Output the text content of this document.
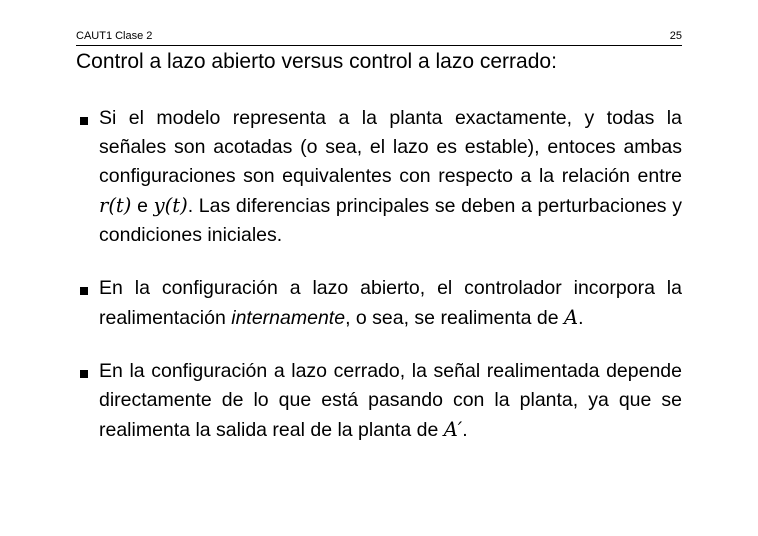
CAUT1 Clase 2	25
Control a lazo abierto versus control a lazo cerrado:
Si el modelo representa a la planta exactamente, y todas la señales son acotadas (o sea, el lazo es estable), entoces ambas configuraciones son equivalentes con respecto a la relación entre r(t) e y(t). Las diferencias principales se deben a perturbaciones y condiciones iniciales.
En la configuración a lazo abierto, el controlador incorpora la realimentación internamente, o sea, se realimenta de A.
En la configuración a lazo cerrado, la señal realimentada depende directamente de lo que está pasando con la planta, ya que se realimenta la salida real de la planta de A′.
